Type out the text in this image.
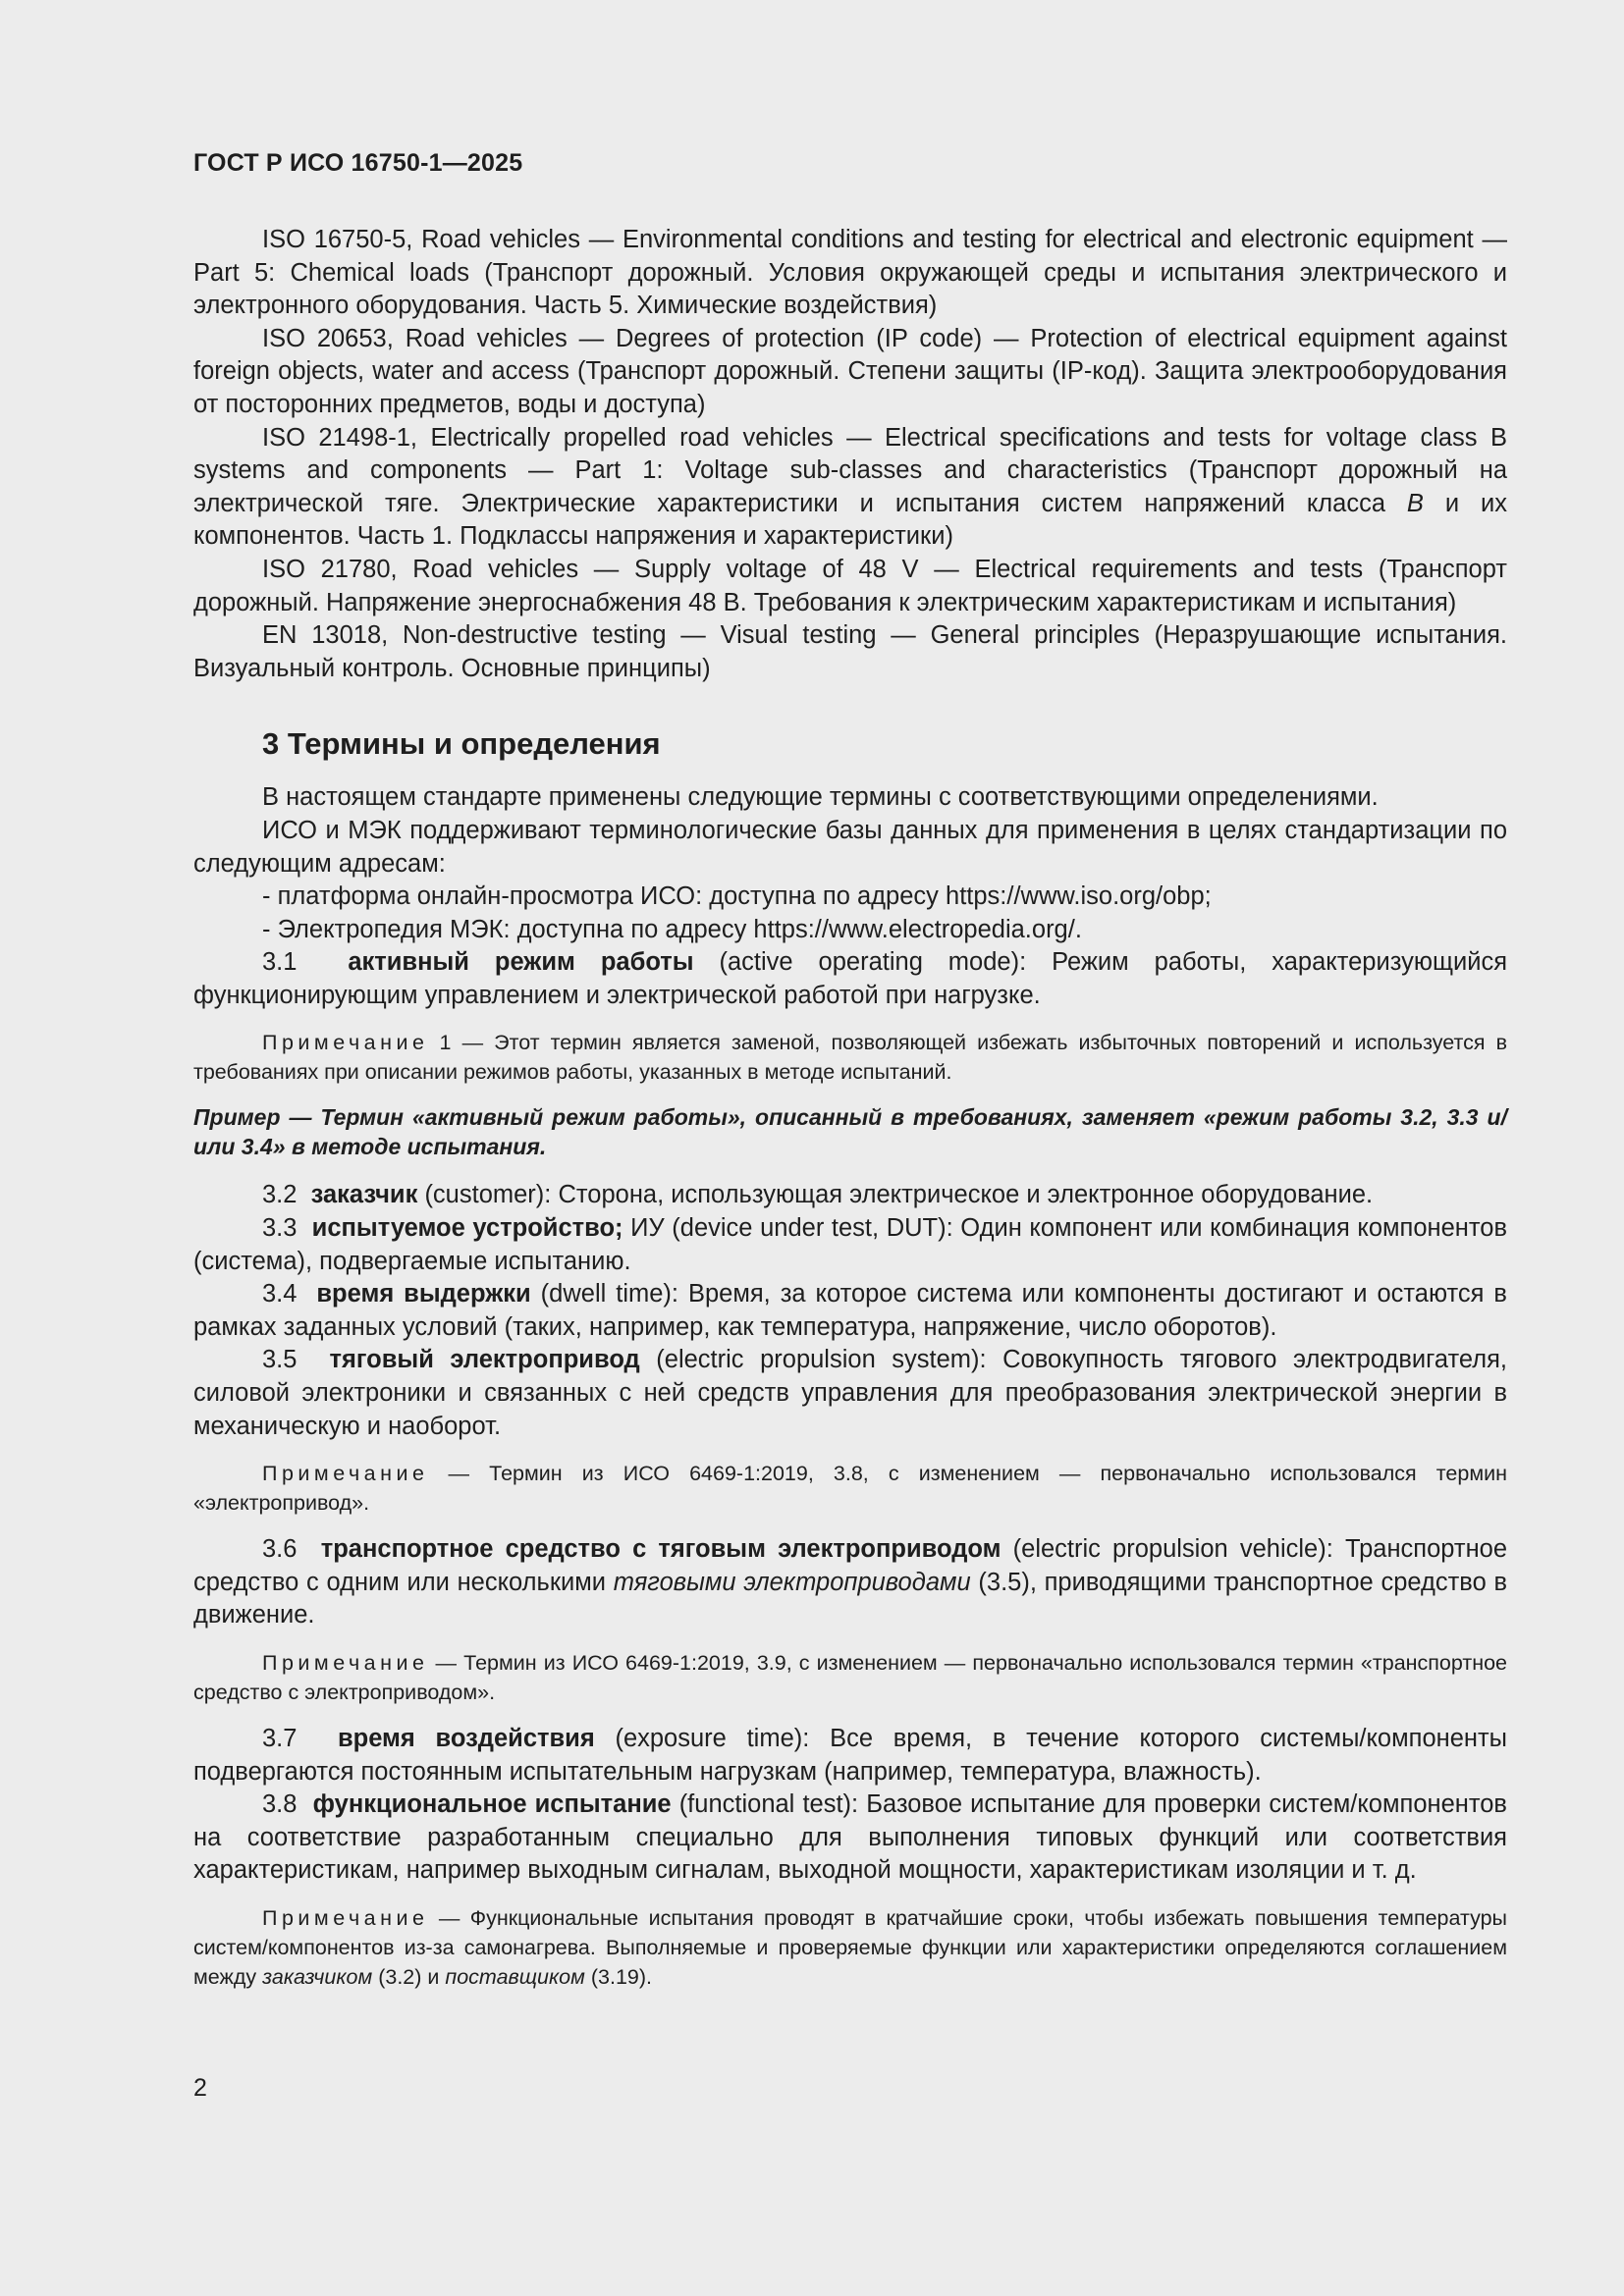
ГОСТ Р ИСО 16750-1—2025

ISO 16750-5, Road vehicles — Environmental conditions and testing for electrical and electronic equipment — Part 5: Chemical loads (Транспорт дорожный. Условия окружающей среды и испытания электрического и электронного оборудования. Часть 5. Химические воздействия)

ISO 20653, Road vehicles — Degrees of protection (IP code) — Protection of electrical equipment against foreign objects, water and access (Транспорт дорожный. Степени защиты (IP-код). Защита электрооборудования от посторонних предметов, воды и доступа)

ISO 21498-1, Electrically propelled road vehicles — Electrical specifications and tests for voltage class B systems and components — Part 1: Voltage sub-classes and characteristics (Транспорт дорожный на электрической тяге. Электрические характеристики и испытания систем напряжений класса B и их компонентов. Часть 1. Подклассы напряжения и характеристики)

ISO 21780, Road vehicles — Supply voltage of 48 V — Electrical requirements and tests (Транспорт дорожный. Напряжение энергоснабжения 48 В. Требования к электрическим характеристикам и испытания)

EN 13018, Non-destructive testing — Visual testing — General principles (Неразрушающие испытания. Визуальный контроль. Основные принципы)

3 Термины и определения

В настоящем стандарте применены следующие термины с соответствующими определениями.

ИСО и МЭК поддерживают терминологические базы данных для применения в целях стандартизации по следующим адресам:

- платформа онлайн-просмотра ИСО: доступна по адресу https://www.iso.org/obp;

- Электропедия МЭК: доступна по адресу https://www.electropedia.org/.

3.1 активный режим работы (active operating mode): Режим работы, характеризующийся функционирующим управлением и электрической работой при нагрузке.

Примечание 1 — Этот термин является заменой, позволяющей избежать избыточных повторений и используется в требованиях при описании режимов работы, указанных в методе испытаний.

Пример — Термин «активный режим работы», описанный в требованиях, заменяет «режим работы 3.2, 3.3 и/или 3.4» в методе испытания.

3.2 заказчик (customer): Сторона, использующая электрическое и электронное оборудование.

3.3 испытуемое устройство; ИУ (device under test, DUT): Один компонент или комбинация компонентов (система), подвергаемые испытанию.

3.4 время выдержки (dwell time): Время, за которое система или компоненты достигают и остаются в рамках заданных условий (таких, например, как температура, напряжение, число оборотов).

3.5 тяговый электропривод (electric propulsion system): Совокупность тягового электродвигателя, силовой электроники и связанных с ней средств управления для преобразования электрической энергии в механическую и наоборот.

Примечание — Термин из ИСО 6469-1:2019, 3.8, с изменением — первоначально использовался термин «электропривод».

3.6 транспортное средство с тяговым электроприводом (electric propulsion vehicle): Транспортное средство с одним или несколькими тяговыми электроприводами (3.5), приводящими транспортное средство в движение.

Примечание — Термин из ИСО 6469-1:2019, 3.9, с изменением — первоначально использовался термин «транспортное средство с электроприводом».

3.7 время воздействия (exposure time): Все время, в течение которого системы/компоненты подвергаются постоянным испытательным нагрузкам (например, температура, влажность).

3.8 функциональное испытание (functional test): Базовое испытание для проверки систем/компонентов на соответствие разработанным специально для выполнения типовых функций или соответствия характеристикам, например выходным сигналам, выходной мощности, характеристикам изоляции и т. д.

Примечание — Функциональные испытания проводят в кратчайшие сроки, чтобы избежать повышения температуры систем/компонентов из-за самонагрева. Выполняемые и проверяемые функции или характеристики определяются соглашением между заказчиком (3.2) и поставщиком (3.19).

2
